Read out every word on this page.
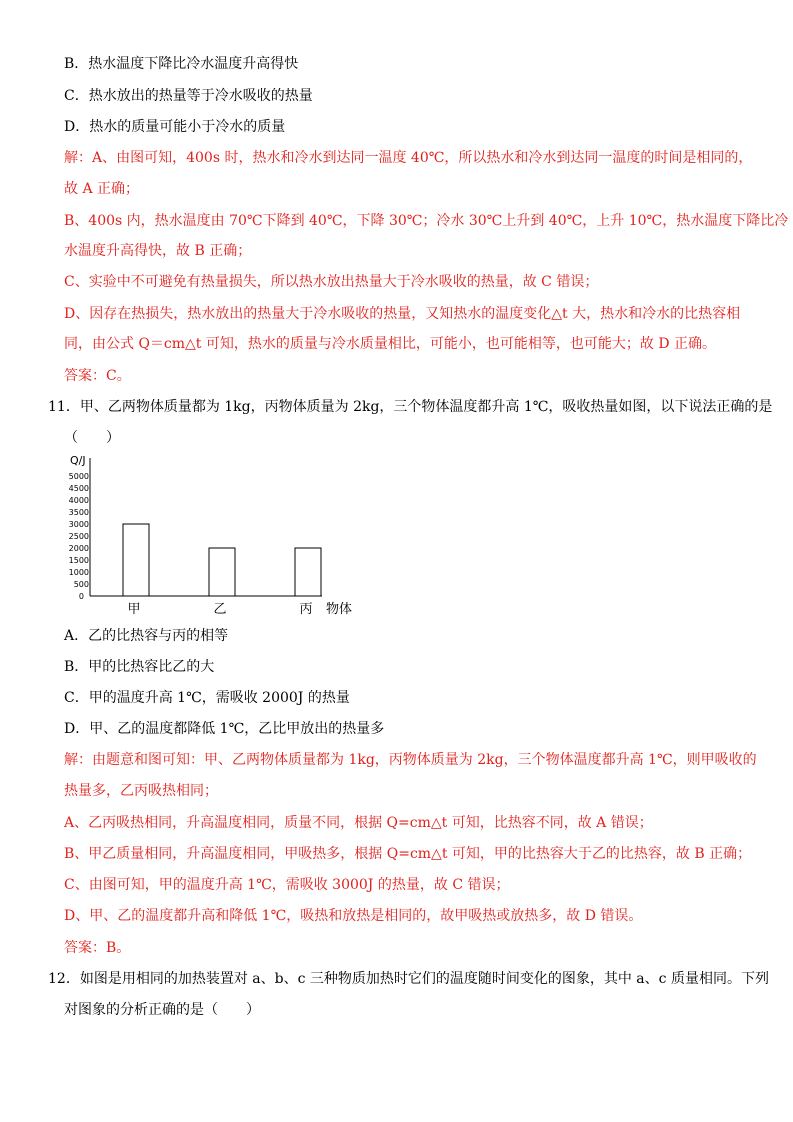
B．热水温度下降比冷水温度升高得快
C．热水放出的热量等于冷水吸收的热量
D．热水的质量可能小于冷水的质量
解：A、由图可知，400s 时，热水和冷水到达同一温度 40℃，所以热水和冷水到达同一温度的时间是相同的，
故 A 正确；
B、400s 内，热水温度由 70℃下降到 40℃，下降 30℃；冷水 30℃上升到 40℃，上升 10℃，热水温度下降比冷
水温度升高得快，故 B 正确；
C、实验中不可避免有热量损失，所以热水放出热量大于冷水吸收的热量，故 C 错误；
D、因存在热损失，热水放出的热量大于冷水吸收的热量，又知热水的温度变化△t 大，热水和冷水的比热容相
同，由公式 Q＝cm△t 可知，热水的质量与冷水质量相比，可能小，也可能相等，也可能大；故 D 正确。
答案：C。
11．甲、乙两物体质量都为 1kg，丙物体质量为 2kg，三个物体温度都升高 1℃，吸收热量如图，以下说法正确的是
（　　）
Q/J
0
500
1000
1500
2000
2500
3000
3500
4000
4500
5000
甲	乙	丙 物体
A．乙的比热容与丙的相等
B．甲的比热容比乙的大
C．甲的温度升高 1℃，需吸收 2000J 的热量
D．甲、乙的温度都降低 1℃，乙比甲放出的热量多
解：由题意和图可知：甲、乙两物体质量都为 1kg，丙物体质量为 2kg，三个物体温度都升高 1℃，则甲吸收的
热量多，乙丙吸热相同；
A、乙丙吸热相同，升高温度相同，质量不同，根据 Q=cm△t 可知，比热容不同，故 A 错误；
B、甲乙质量相同，升高温度相同，甲吸热多，根据 Q=cm△t 可知，甲的比热容大于乙的比热容，故 B 正确；
C、由图可知，甲的温度升高 1℃，需吸收 3000J 的热量，故 C 错误；
D、甲、乙的温度都升高和降低 1℃，吸热和放热是相同的，故甲吸热或放热多，故 D 错误。
答案：B。
12．如图是用相同的加热装置对 a、b、c 三种物质加热时它们的温度随时间变化的图象，其中 a、c 质量相同。下列
对图象的分析正确的是（　　）
